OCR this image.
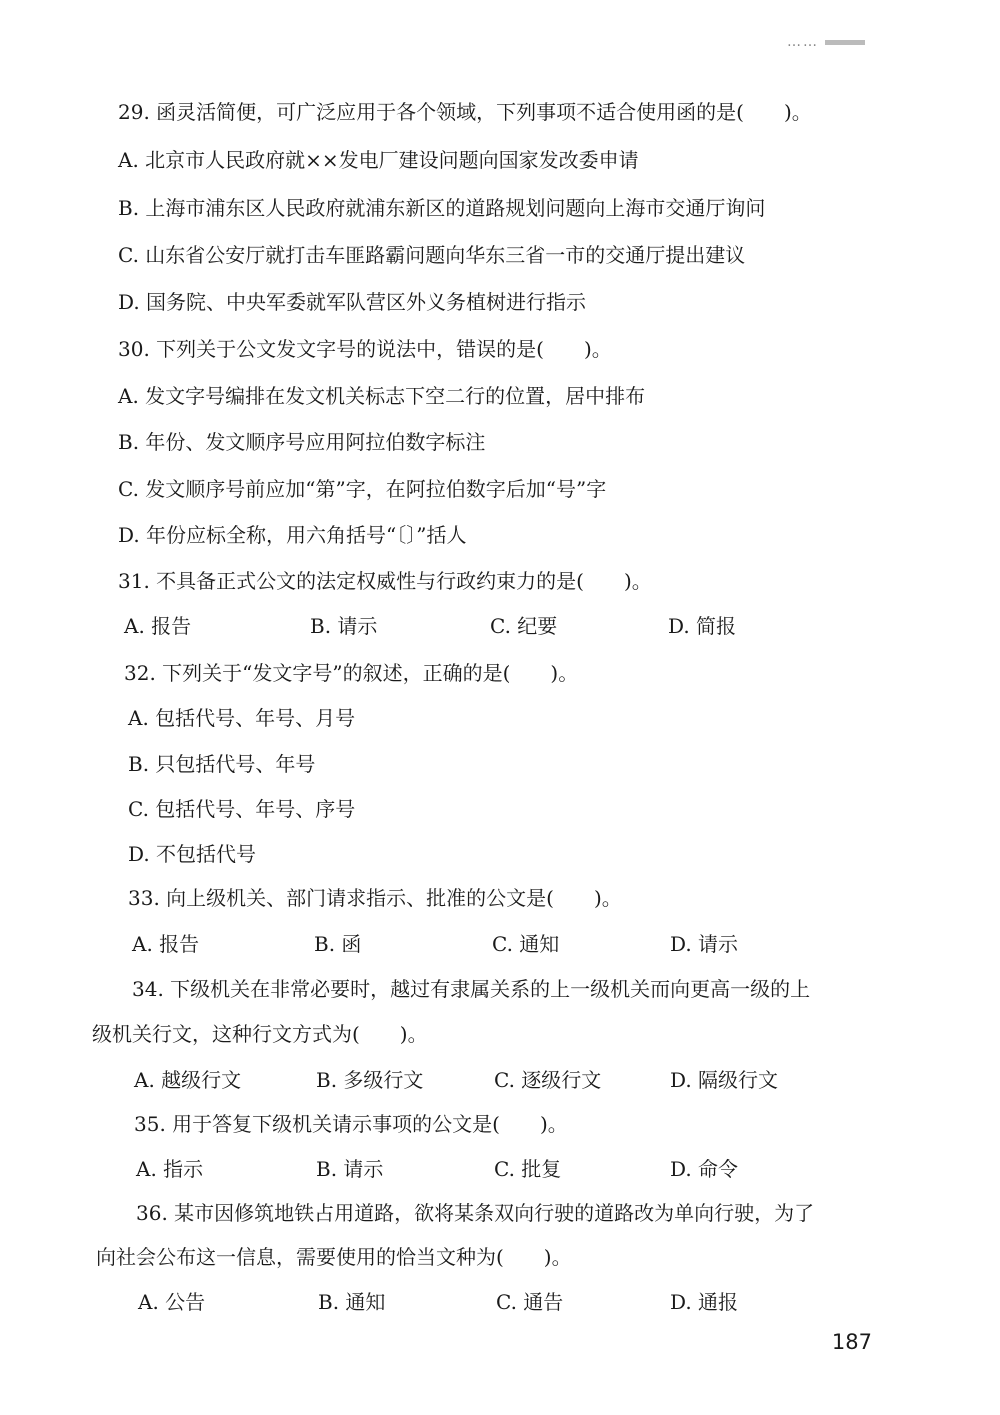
……
29. 函灵活简便，可广泛应用于各个领域，下列事项不适合使用函的是(　　)。
A. 北京市人民政府就××发电厂建设问题向国家发改委申请
B. 上海市浦东区人民政府就浦东新区的道路规划问题向上海市交通厅询问
C. 山东省公安厅就打击车匪路霸问题向华东三省一市的交通厅提出建议
D. 国务院、中央军委就军队营区外义务植树进行指示
30. 下列关于公文发文字号的说法中，错误的是(　　)。
A. 发文字号编排在发文机关标志下空二行的位置，居中排布
B. 年份、发文顺序号应用阿拉伯数字标注
C. 发文顺序号前应加“第”字，在阿拉伯数字后加“号”字
D. 年份应标全称，用六角括号“〔〕”括人
31. 不具备正式公文的法定权威性与行政约束力的是(　　)。
A. 报告	B. 请示	C. 纪要	D. 简报
32. 下列关于“发文字号”的叙述，正确的是(　　)。
A. 包括代号、年号、月号
B. 只包括代号、年号
C. 包括代号、年号、序号
D. 不包括代号
33. 向上级机关、部门请求指示、批准的公文是(　　)。
A. 报告	B. 函	C. 通知	D. 请示
34. 下级机关在非常必要时，越过有隶属关系的上一级机关而向更高一级的上
级机关行文，这种行文方式为(　　)。
A. 越级行文	B. 多级行文	C. 逐级行文	D. 隔级行文
35. 用于答复下级机关请示事项的公文是(　　)。
A. 指示	B. 请示	C. 批复	D. 命令
36. 某市因修筑地铁占用道路，欲将某条双向行驶的道路改为单向行驶，为了
向社会公布这一信息，需要使用的恰当文种为(　　)。
A. 公告	B. 通知	C. 通告	D. 通报
187
